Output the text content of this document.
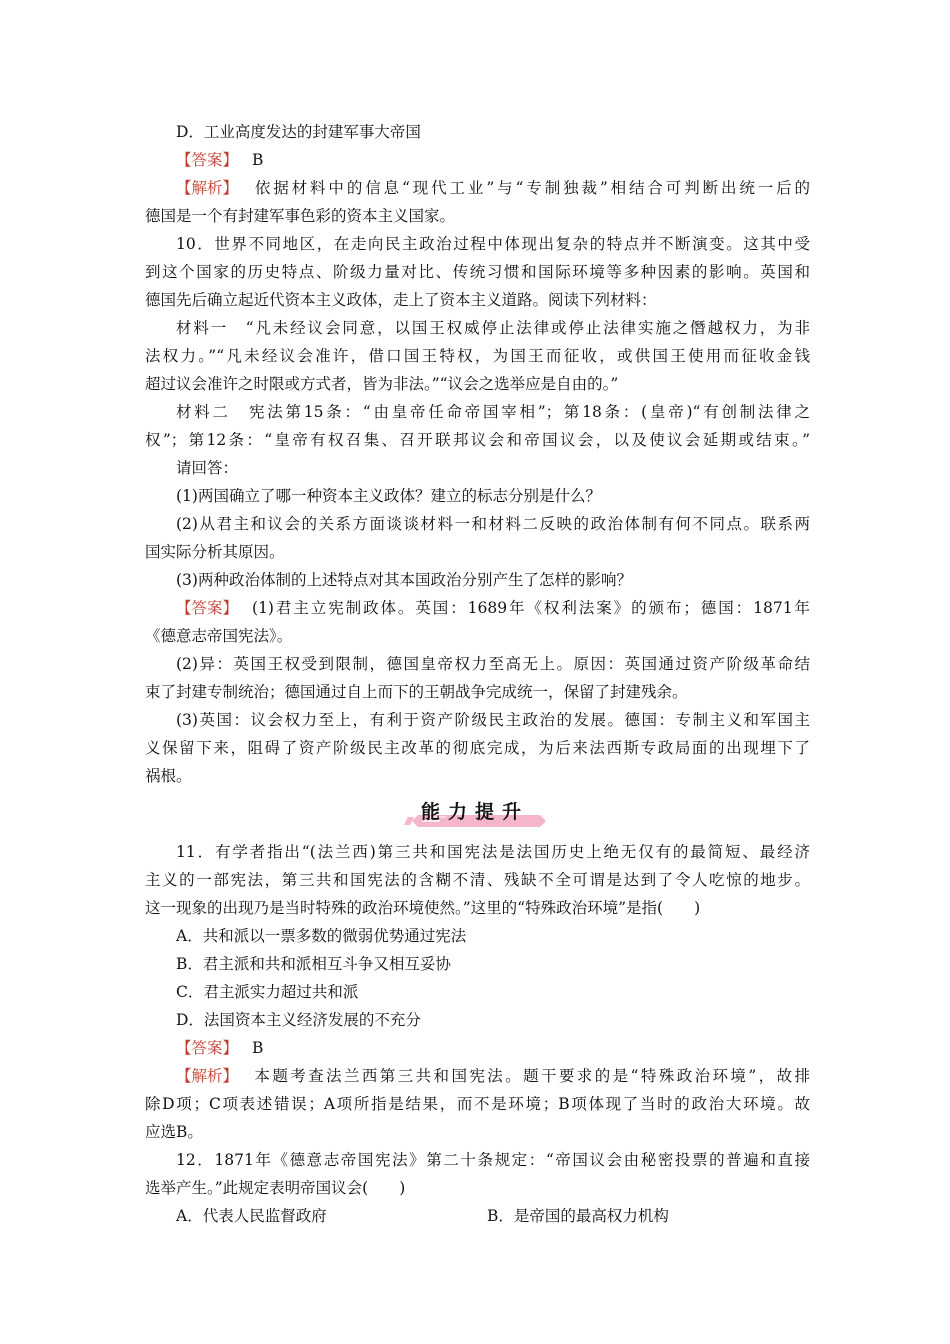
D．工业高度发达的封建军事大帝国
【答案】 B
【解析】 依据材料中的信息“现代工业”与“专制独裁”相结合可判断出统一后的
德国是一个有封建军事色彩的资本主义国家。
10．世界不同地区，在走向民主政治过程中体现出复杂的特点并不断演变。这其中受
到这个国家的历史特点、阶级力量对比、传统习惯和国际环境等多种因素的影响。英国和
德国先后确立起近代资本主义政体，走上了资本主义道路。阅读下列材料：
材料一　“凡未经议会同意，以国王权威停止法律或停止法律实施之僭越权力，为非
法权力。”“凡未经议会准许，借口国王特权，为国王而征收，或供国王使用而征收金钱
超过议会准许之时限或方式者，皆为非法。”“议会之选举应是自由的。”
材料二　宪法第15条：“由皇帝任命帝国宰相”；第18条：(皇帝)“有创制法律之
权”；第12条：“皇帝有权召集、召开联邦议会和帝国议会，以及使议会延期或结束。”
请回答：
(1)两国确立了哪一种资本主义政体？建立的标志分别是什么？
(2)从君主和议会的关系方面谈谈材料一和材料二反映的政治体制有何不同点。联系两
国实际分析其原因。
(3)两种政治体制的上述特点对其本国政治分别产生了怎样的影响？
【答案】 (1)君主立宪制政体。英国：1689年《权利法案》的颁布；德国：1871年
《德意志帝国宪法》。
(2)异：英国王权受到限制，德国皇帝权力至高无上。原因：英国通过资产阶级革命结
束了封建专制统治；德国通过自上而下的王朝战争完成统一，保留了封建残余。
(3)英国：议会权力至上，有利于资产阶级民主政治的发展。德国：专制主义和军国主
义保留下来，阻碍了资产阶级民主改革的彻底完成，为后来法西斯专政局面的出现埋下了
祸根。
能力提升
11．有学者指出“(法兰西)第三共和国宪法是法国历史上绝无仅有的最简短、最经济
主义的一部宪法，第三共和国宪法的含糊不清、残缺不全可谓是达到了令人吃惊的地步。
这一现象的出现乃是当时特殊的政治环境使然。”这里的“特殊政治环境”是指(　　)
A．共和派以一票多数的微弱优势通过宪法
B．君主派和共和派相互斗争又相互妥协
C．君主派实力超过共和派
D．法国资本主义经济发展的不充分
【答案】 B
【解析】 本题考查法兰西第三共和国宪法。题干要求的是“特殊政治环境”，故排
除D项；C项表述错误；A项所指是结果，而不是环境；B项体现了当时的政治大环境。故
应选B。
12．1871年《德意志帝国宪法》第二十条规定：“帝国议会由秘密投票的普遍和直接
选举产生。”此规定表明帝国议会(　　)
A．代表人民监督政府	B．是帝国的最高权力机构
